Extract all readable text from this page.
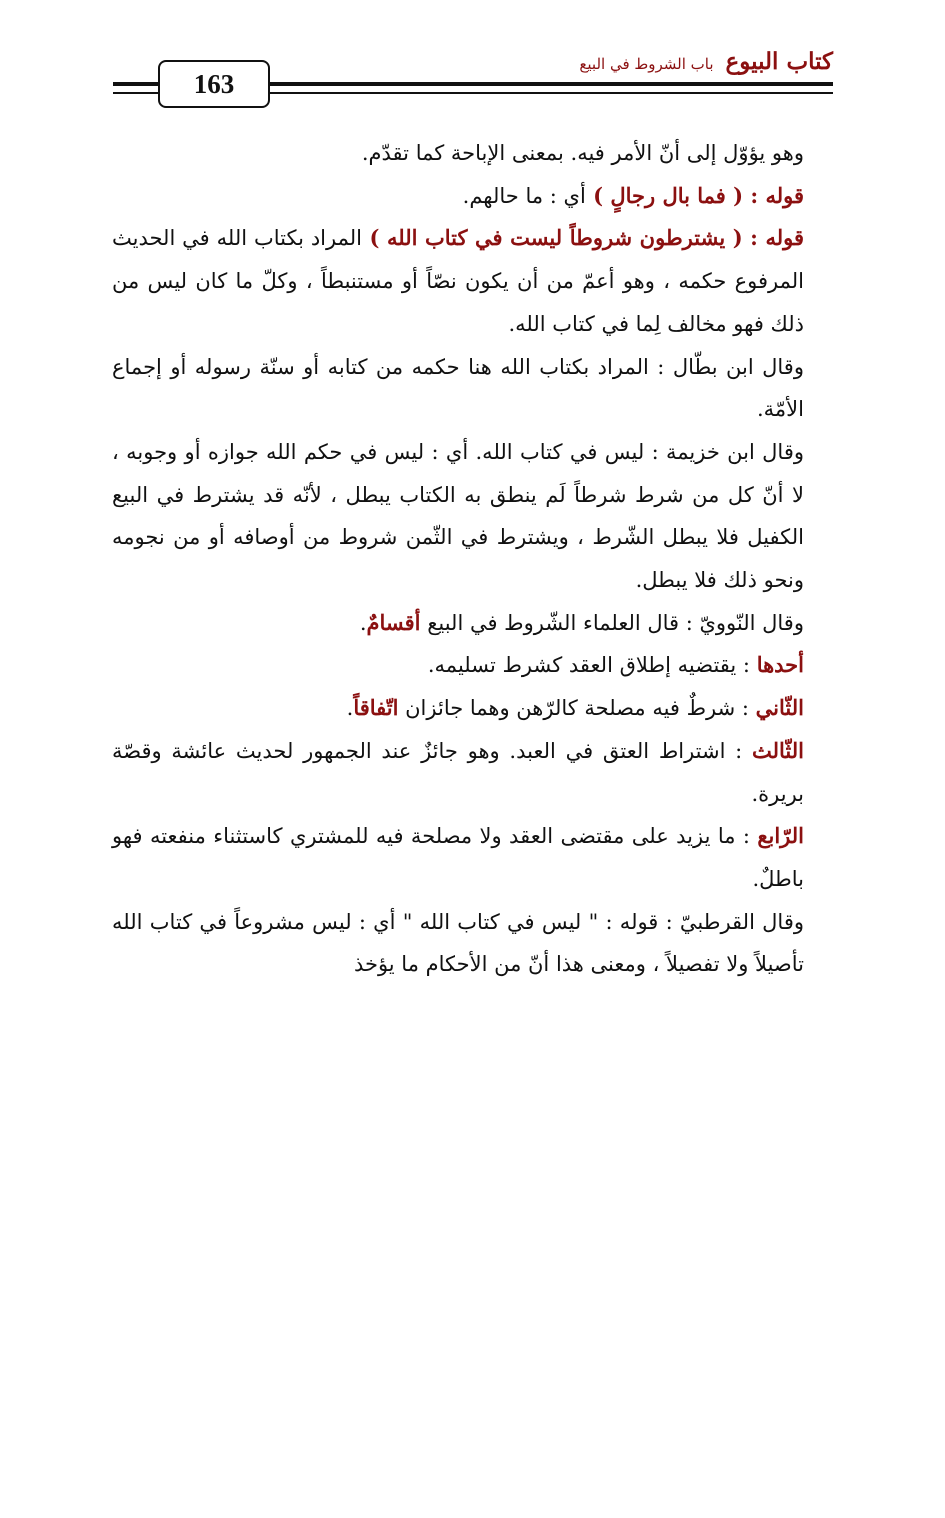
163
كتاب البيوع
باب الشروط في البيع

وهو يؤوّل إلى أنّ الأمر فيه. بمعنى الإباحة كما تقدّم.

قوله : ( فما بال رجالٍ ) أي : ما حالهم.

قوله : ( يشترطون شروطاً ليست في كتاب الله ) المراد بكتاب الله في الحديث المرفوع حكمه ، وهو أعمّ من أن يكون نصّاً أو مستنبطاً ، وكلّ ما كان ليس من ذلك فهو مخالف لِما في كتاب الله.

وقال ابن بطّال : المراد بكتاب الله هنا حكمه من كتابه أو سنّة رسوله أو إجماع الأمّة.

وقال ابن خزيمة : ليس في كتاب الله. أي : ليس في حكم الله جوازه أو وجوبه ، لا أنّ كل من شرط شرطاً لَم ينطق به الكتاب يبطل ، لأنّه قد يشترط في البيع الكفيل فلا يبطل الشّرط ، ويشترط في الثّمن شروط من أوصافه أو من نجومه ونحو ذلك فلا يبطل.

وقال النّوويّ : قال العلماء الشّروط في البيع أقسامٌ.

أحدها : يقتضيه إطلاق العقد كشرط تسليمه.

الثّاني : شرطٌ فيه مصلحة كالرّهن وهما جائزان اتّفاقاً.

الثّالث : اشتراط العتق في العبد. وهو جائزٌ عند الجمهور لحديث عائشة وقصّة بريرة.

الرّابع : ما يزيد على مقتضى العقد ولا مصلحة فيه للمشتري كاستثناء منفعته فهو باطلٌ.

وقال القرطبيّ : قوله : " ليس في كتاب الله " أي : ليس مشروعاً في كتاب الله تأصيلاً ولا تفصيلاً ، ومعنى هذا أنّ من الأحكام ما يؤخذ
